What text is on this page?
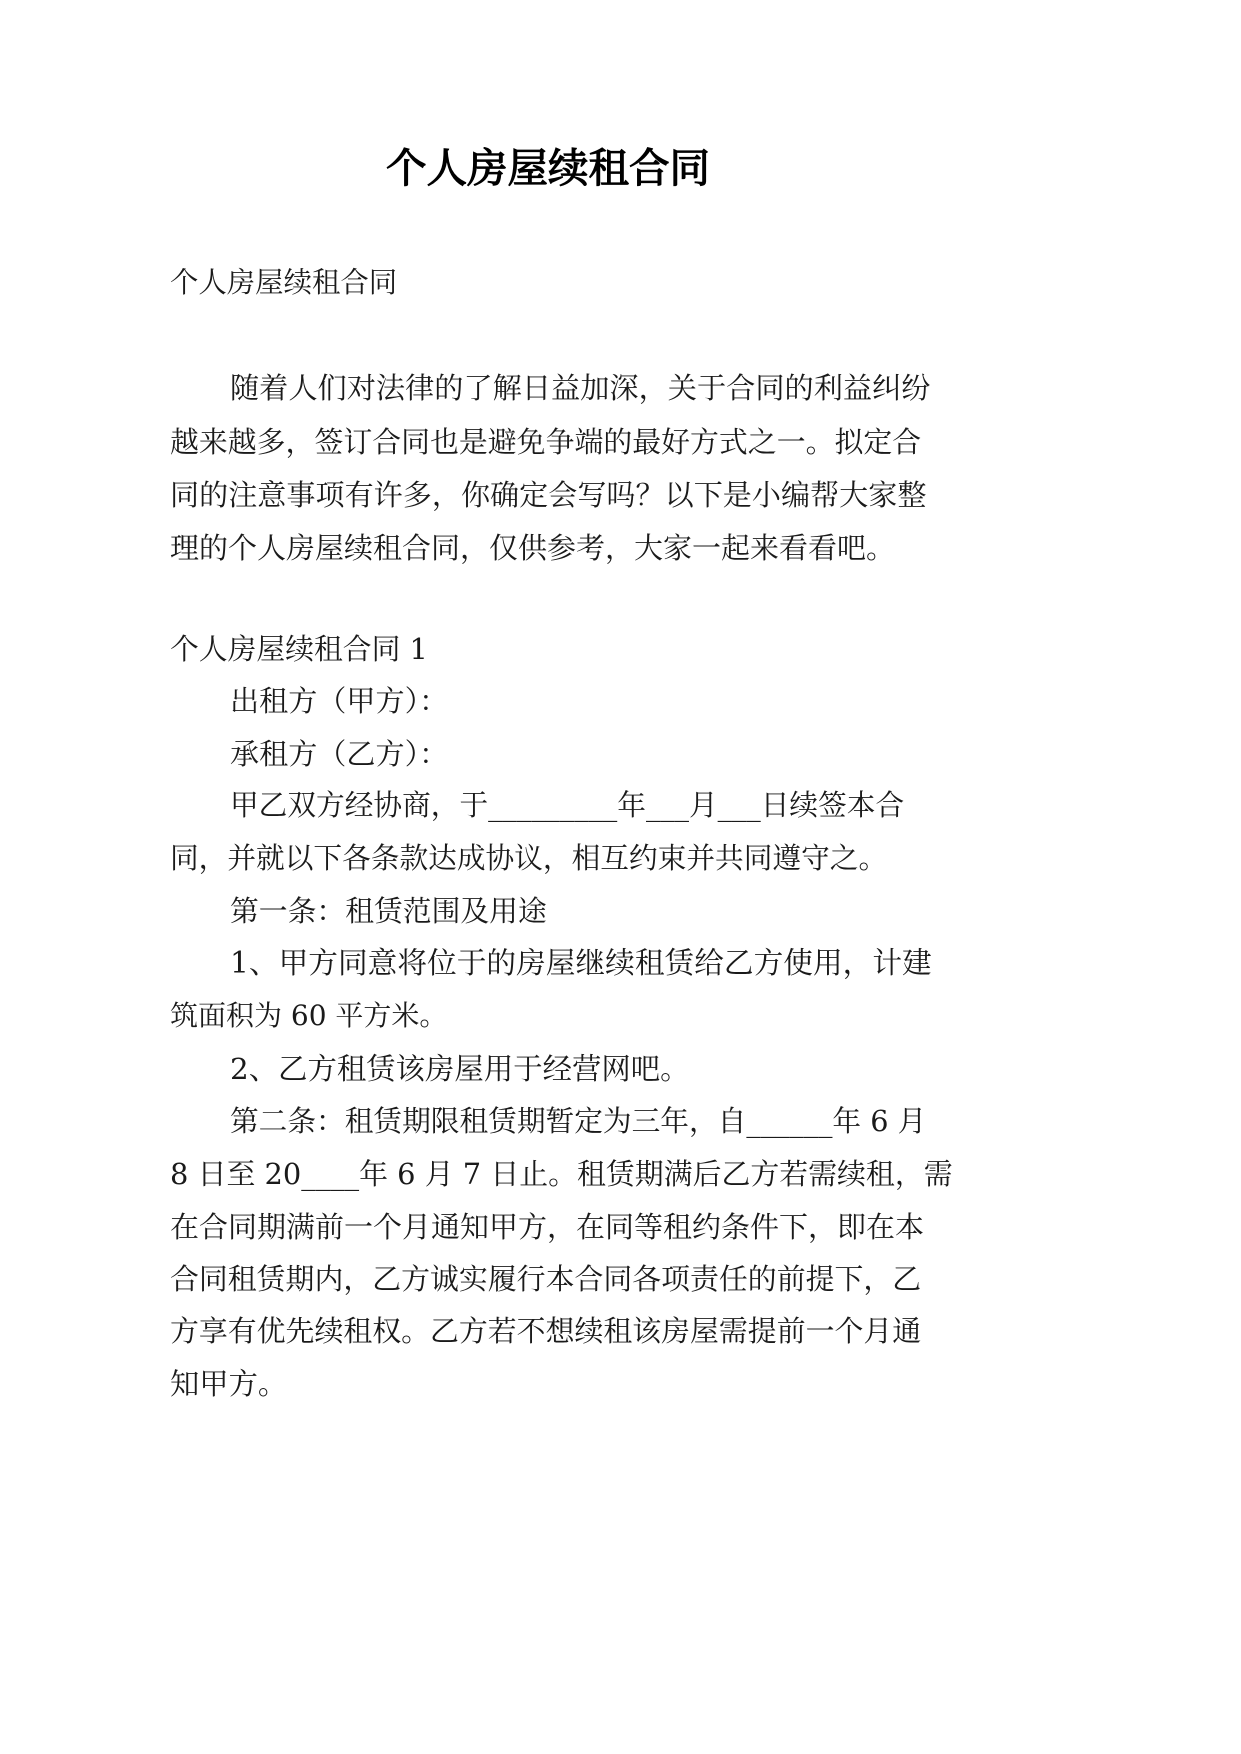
个人房屋续租合同

个人房屋续租合同

随着人们对法律的了解日益加深，关于合同的利益纠纷

越来越多，签订合同也是避免争端的最好方式之一。拟定合

同的注意事项有许多，你确定会写吗？以下是小编帮大家整

理的个人房屋续租合同，仅供参考，大家一起来看看吧。

个人房屋续租合同 1

出租方（甲方）：

承租方（乙方）：

甲乙双方经协商，于_________年___月___日续签本合

同，并就以下各条款达成协议，相互约束并共同遵守之。

第一条：租赁范围及用途

1、甲方同意将位于的房屋继续租赁给乙方使用，计建

筑面积为 60 平方米。

2、乙方租赁该房屋用于经营网吧。

第二条：租赁期限租赁期暂定为三年，自______年 6 月

8 日至 20____年 6 月 7 日止。租赁期满后乙方若需续租，需

在合同期满前一个月通知甲方，在同等租约条件下，即在本

合同租赁期内，乙方诚实履行本合同各项责任的前提下，乙

方享有优先续租权。乙方若不想续租该房屋需提前一个月通

知甲方。
